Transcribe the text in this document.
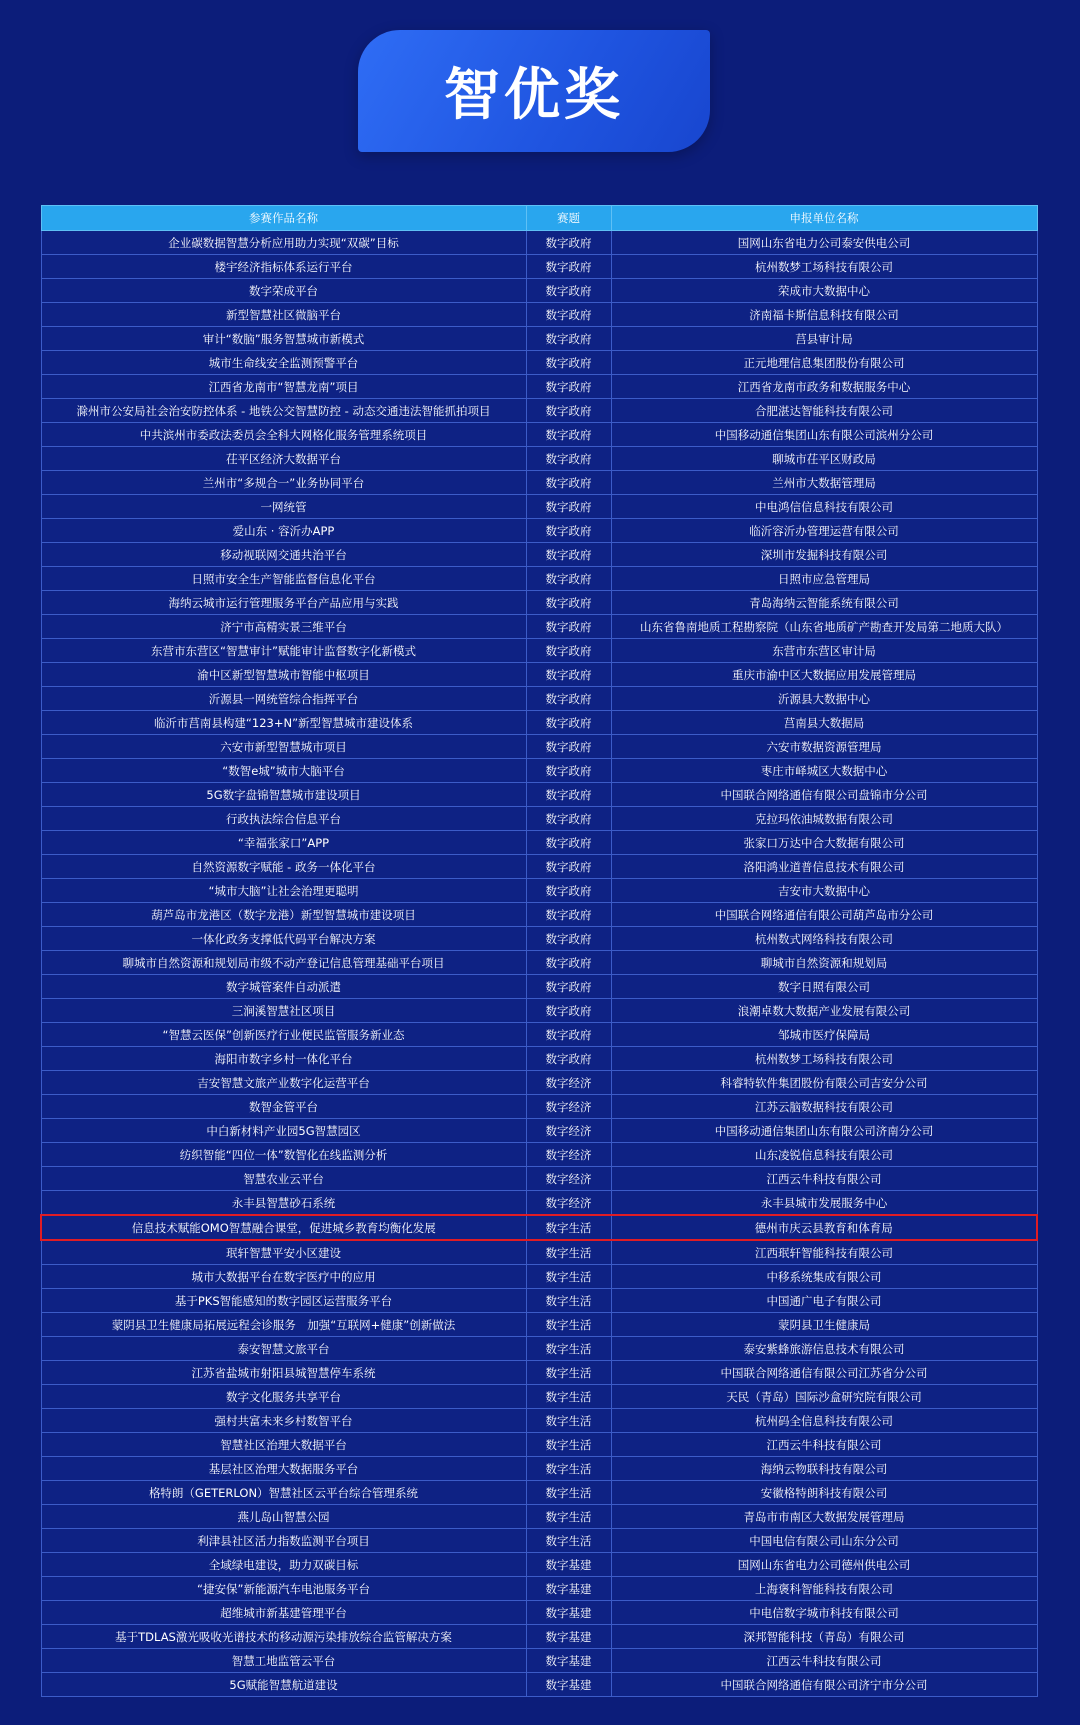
智优奖
参赛作品名称	赛题	申报单位名称
企业碳数据智慧分析应用助力实现“双碳”目标	数字政府	国网山东省电力公司泰安供电公司
楼宇经济指标体系运行平台	数字政府	杭州数梦工场科技有限公司
数字荣成平台	数字政府	荣成市大数据中心
新型智慧社区微脑平台	数字政府	济南福卡斯信息科技有限公司
审计“数脑”服务智慧城市新模式	数字政府	莒县审计局
城市生命线安全监测预警平台	数字政府	正元地理信息集团股份有限公司
江西省龙南市“智慧龙南”项目	数字政府	江西省龙南市政务和数据服务中心
滁州市公安局社会治安防控体系 - 地铁公交智慧防控 - 动态交通违法智能抓拍项目	数字政府	合肥湛达智能科技有限公司
中共滨州市委政法委员会全科大网格化服务管理系统项目	数字政府	中国移动通信集团山东有限公司滨州分公司
茌平区经济大数据平台	数字政府	聊城市茌平区财政局
兰州市“多规合一”业务协同平台	数字政府	兰州市大数据管理局
一网统管	数字政府	中电鸿信信息科技有限公司
爱山东 · 容沂办APP	数字政府	临沂容沂办管理运营有限公司
移动视联网交通共治平台	数字政府	深圳市发掘科技有限公司
日照市安全生产智能监督信息化平台	数字政府	日照市应急管理局
海纳云城市运行管理服务平台产品应用与实践	数字政府	青岛海纳云智能系统有限公司
济宁市高精实景三维平台	数字政府	山东省鲁南地质工程勘察院（山东省地质矿产勘查开发局第二地质大队）
东营市东营区“智慧审计”赋能审计监督数字化新模式	数字政府	东营市东营区审计局
渝中区新型智慧城市智能中枢项目	数字政府	重庆市渝中区大数据应用发展管理局
沂源县一网统管综合指挥平台	数字政府	沂源县大数据中心
临沂市莒南县构建“123+N”新型智慧城市建设体系	数字政府	莒南县大数据局
六安市新型智慧城市项目	数字政府	六安市数据资源管理局
“数智e城”城市大脑平台	数字政府	枣庄市峄城区大数据中心
5G数字盘锦智慧城市建设项目	数字政府	中国联合网络通信有限公司盘锦市分公司
行政执法综合信息平台	数字政府	克拉玛依油城数据有限公司
“幸福张家口”APP	数字政府	张家口万达中合大数据有限公司
自然资源数字赋能 - 政务一体化平台	数字政府	洛阳鸿业道普信息技术有限公司
“城市大脑”让社会治理更聪明	数字政府	吉安市大数据中心
葫芦岛市龙港区（数字龙港）新型智慧城市建设项目	数字政府	中国联合网络通信有限公司葫芦岛市分公司
一体化政务支撑低代码平台解决方案	数字政府	杭州数式网络科技有限公司
聊城市自然资源和规划局市级不动产登记信息管理基础平台项目	数字政府	聊城市自然资源和规划局
数字城管案件自动派遣	数字政府	数字日照有限公司
三涧溪智慧社区项目	数字政府	浪潮卓数大数据产业发展有限公司
“智慧云医保”创新医疗行业便民监管服务新业态	数字政府	邹城市医疗保障局
海阳市数字乡村一体化平台	数字政府	杭州数梦工场科技有限公司
吉安智慧文旅产业数字化运营平台	数字经济	科睿特软件集团股份有限公司吉安分公司
数智金管平台	数字经济	江苏云脑数据科技有限公司
中白新材料产业园5G智慧园区	数字经济	中国移动通信集团山东有限公司济南分公司
纺织智能“四位一体”数智化在线监测分析	数字经济	山东凌锐信息科技有限公司
智慧农业云平台	数字经济	江西云牛科技有限公司
永丰县智慧砂石系统	数字经济	永丰县城市发展服务中心
信息技术赋能OMO智慧融合课堂，促进城乡教育均衡化发展	数字生活	德州市庆云县教育和体育局
珉轩智慧平安小区建设	数字生活	江西珉轩智能科技有限公司
城市大数据平台在数字医疗中的应用	数字生活	中移系统集成有限公司
基于PKS智能感知的数字园区运营服务平台	数字生活	中国通广电子有限公司
蒙阴县卫生健康局拓展远程会诊服务　加强“互联网+健康”创新做法	数字生活	蒙阴县卫生健康局
泰安智慧文旅平台	数字生活	泰安紫蜂旅游信息技术有限公司
江苏省盐城市射阳县城智慧停车系统	数字生活	中国联合网络通信有限公司江苏省分公司
数字文化服务共享平台	数字生活	天民（青岛）国际沙盒研究院有限公司
强村共富未来乡村数智平台	数字生活	杭州码全信息科技有限公司
智慧社区治理大数据平台	数字生活	江西云牛科技有限公司
基层社区治理大数据服务平台	数字生活	海纳云物联科技有限公司
格特朗（GETERLON）智慧社区云平台综合管理系统	数字生活	安徽格特朗科技有限公司
燕儿岛山智慧公园	数字生活	青岛市市南区大数据发展管理局
利津县社区活力指数监测平台项目	数字生活	中国电信有限公司山东分公司
全域绿电建设，助力双碳目标	数字基建	国网山东省电力公司德州供电公司
“捷安保”新能源汽车电池服务平台	数字基建	上海褒科智能科技有限公司
超维城市新基建管理平台	数字基建	中电信数字城市科技有限公司
基于TDLAS激光吸收光谱技术的移动源污染排放综合监管解决方案	数字基建	深邦智能科技（青岛）有限公司
智慧工地监管云平台	数字基建	江西云牛科技有限公司
5G赋能智慧航道建设	数字基建	中国联合网络通信有限公司济宁市分公司
